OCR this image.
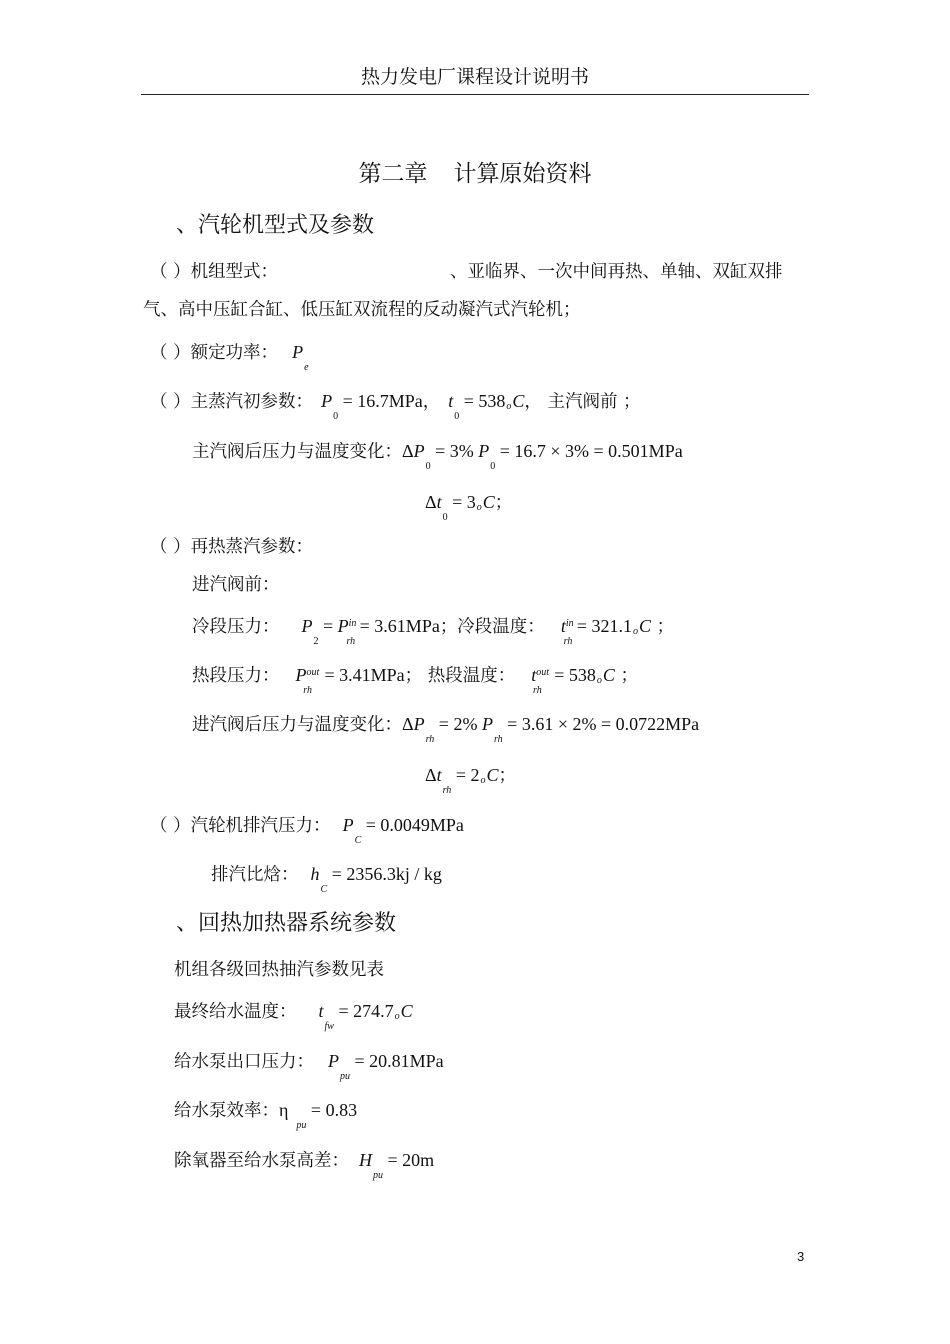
热力发电厂课程设计说明书
第二章 计算原始资料
、汽轮机型式及参数
（ ）机组型式：	、亚临界、一次中间再热、单轴、双缸双排
气、高中压缸合缸、低压缸双流程的反动凝汽式汽轮机；
（ ）额定功率： Pe
（ ）主蒸汽初参数： P0 = 16.7MPa， t0 = 538oC， 主汽阀前 ；
主汽阀后压力与温度变化：ΔP0 = 3% P0 = 16.7 × 3% = 0.501MPa
Δt0 = 3oC；
（ ）再热蒸汽参数：
进汽阀前：
冷段压力： P2 = Pinrh = 3.61MPa；冷段温度： tinrh = 321.1oC ；
热段压力： Poutrh = 3.41MPa； 热段温度： toutrh = 538oC ；
进汽阀后压力与温度变化：ΔPrh = 2% Prh = 3.61 × 2% = 0.0722MPa
Δtrh = 2oC；
（ ）汽轮机排汽压力： PC = 0.0049MPa
排汽比焓： hC = 2356.3kj / kg
、回热加热器系统参数
机组各级回热抽汽参数见表
最终给水温度： tfw = 274.7oC
给水泵出口压力： Ppu = 20.81MPa
给水泵效率：ηpu = 0.83
除氧器至给水泵高差： Hpu = 20m
3
